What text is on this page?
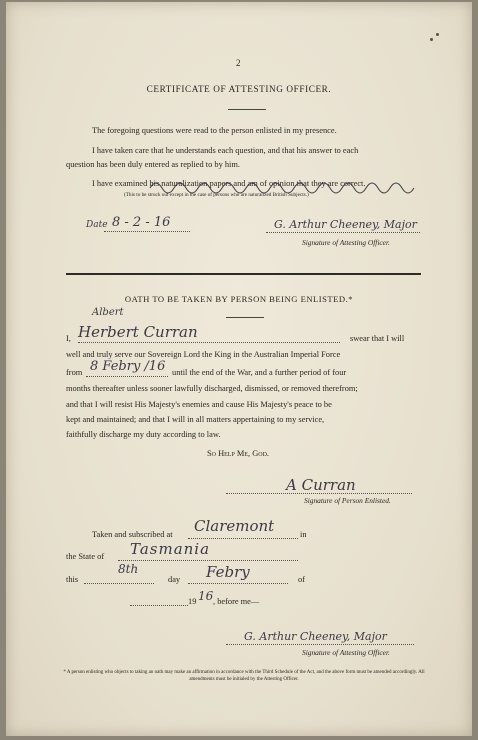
2
CERTIFICATE OF ATTESTING OFFICER.
The foregoing questions were read to the person enlisted in my presence.
I have taken care that he understands each question, and that his answer to each
question has been duly entered as replied to by him.
I have examined his naturalization papers and am of opinion that they are correct.
(This to be struck out except in the case of persons who are naturalized British Subjects.)
Date 8 - 2 - 16	G. Arthur Cheeney, Major
Signature of Attesting Officer.
OATH TO BE TAKEN BY PERSON BEING ENLISTED.*
Albert
I, Herbert Curran	swear that I will
well and truly serve our Sovereign Lord the King in the Australian Imperial Force
from 8 Febry /16 until the end of the War, and a further period of four
months thereafter unless sooner lawfully discharged, dismissed, or removed therefrom;
and that I will resist His Majesty's enemies and cause His Majesty's peace to be
kept and maintained; and that I will in all matters appertaining to my service,
faithfully discharge my duty according to law.
So Help Me, God.
A Curran
Signature of Person Enlisted.
Taken and subscribed at Claremont	in
the State of Tasmania
this
8th
day Febry	of
19 16 , before me—
G. Arthur Cheeney, Major
Signature of Attesting Officer.
* A person enlisting who objects to taking an oath may make an affirmation in accordance with the Third Schedule of the Act, and the above form must be amended accordingly. All amendments must be initialed by the Attesting Officer.
